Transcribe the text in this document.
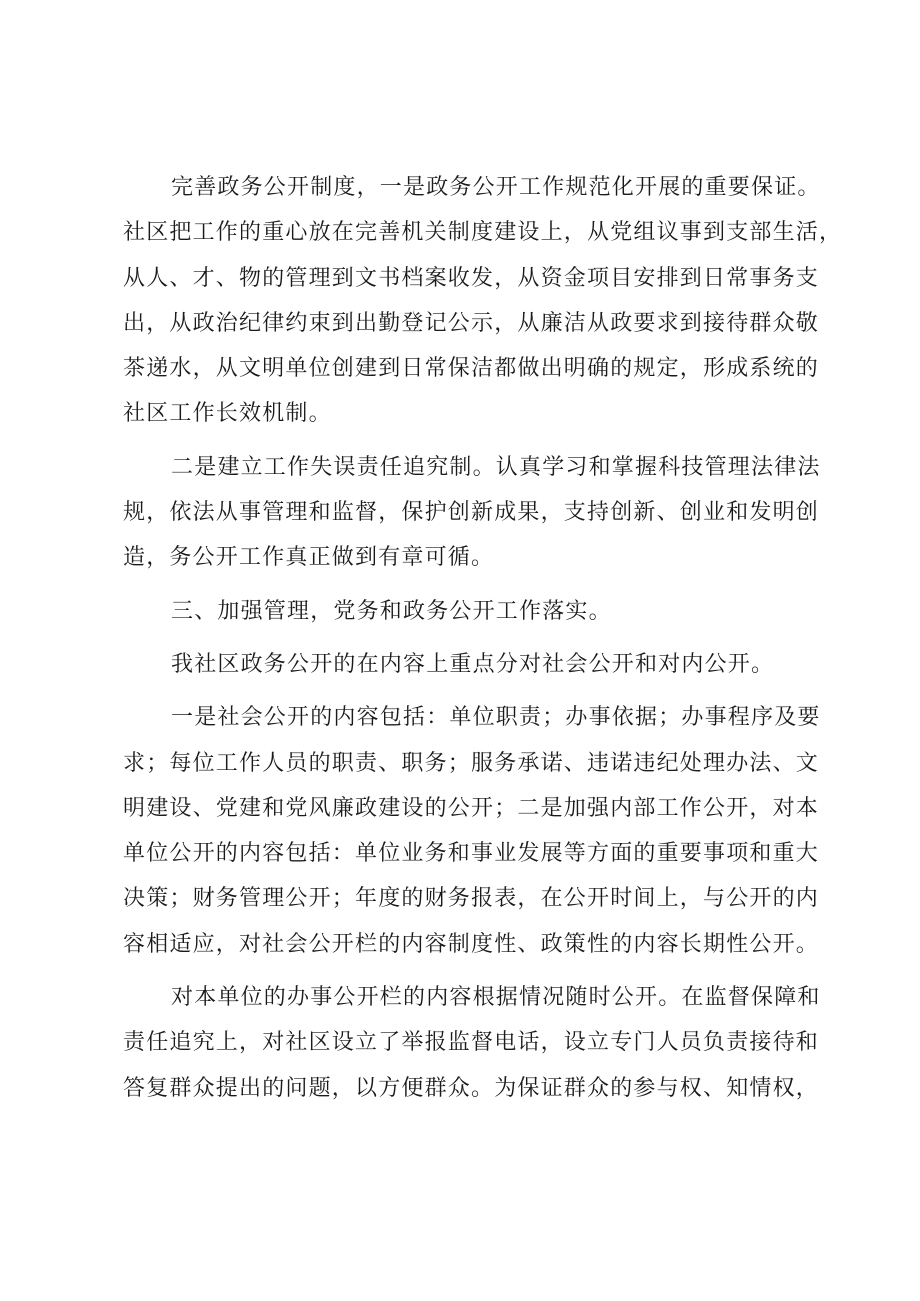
完善政务公开制度，一是政务公开工作规范化开展的重要保证。
社区把工作的重心放在完善机关制度建设上，从党组议事到支部生活，
从人、才、物的管理到文书档案收发，从资金项目安排到日常事务支
出，从政治纪律约束到出勤登记公示，从廉洁从政要求到接待群众敬
茶递水，从文明单位创建到日常保洁都做出明确的规定，形成系统的
社区工作长效机制。
二是建立工作失误责任追究制。认真学习和掌握科技管理法律法
规，依法从事管理和监督，保护创新成果，支持创新、创业和发明创
造，务公开工作真正做到有章可循。
三、加强管理，党务和政务公开工作落实。
我社区政务公开的在内容上重点分对社会公开和对内公开。
一是社会公开的内容包括：单位职责；办事依据；办事程序及要
求；每位工作人员的职责、职务；服务承诺、违诺违纪处理办法、文
明建设、党建和党风廉政建设的公开；二是加强内部工作公开，对本
单位公开的内容包括：单位业务和事业发展等方面的重要事项和重大
决策；财务管理公开；年度的财务报表，在公开时间上，与公开的内
容相适应，对社会公开栏的内容制度性、政策性的内容长期性公开。
对本单位的办事公开栏的内容根据情况随时公开。在监督保障和
责任追究上，对社区设立了举报监督电话，设立专门人员负责接待和
答复群众提出的问题，以方便群众。为保证群众的参与权、知情权，
